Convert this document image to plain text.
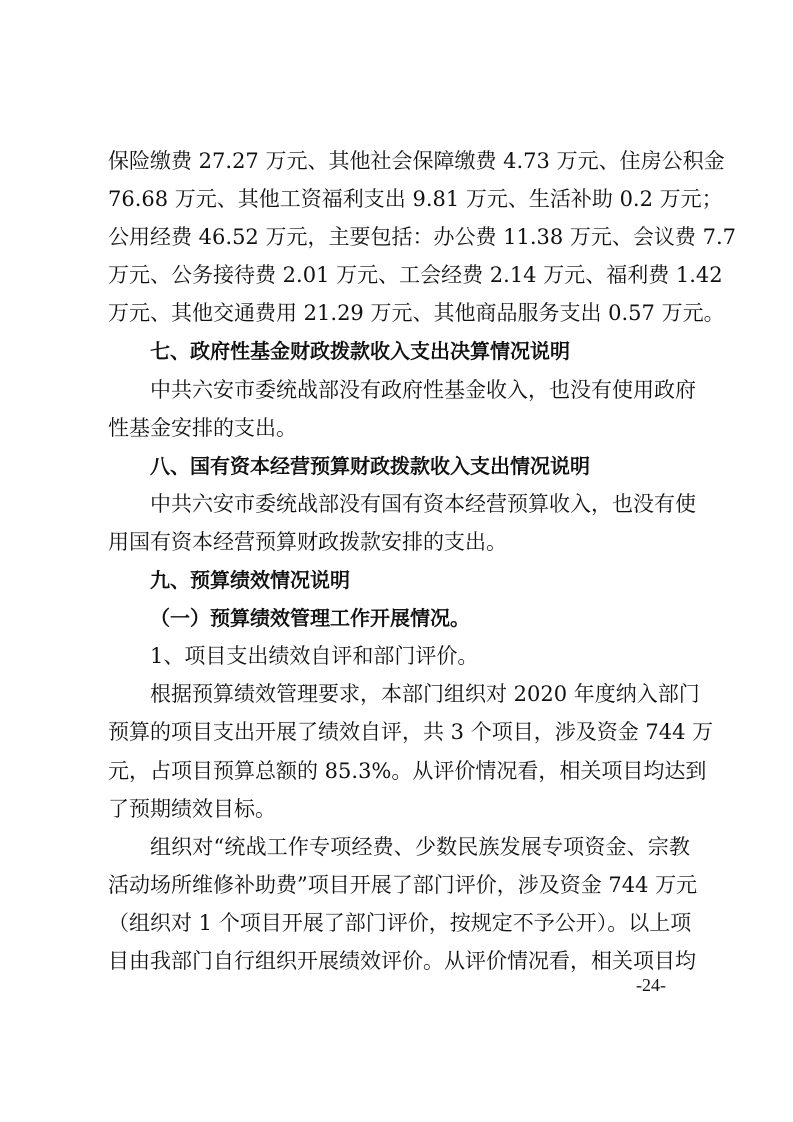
保险缴费 27.27 万元、其他社会保障缴费 4.73 万元、住房公积金
76.68 万元、其他工资福利支出 9.81 万元、生活补助 0.2 万元；
公用经费 46.52 万元，主要包括：办公费 11.38 万元、会议费 7.7
万元、公务接待费 2.01 万元、工会经费 2.14 万元、福利费 1.42
万元、其他交通费用 21.29 万元、其他商品服务支出 0.57 万元。
七、政府性基金财政拨款收入支出决算情况说明
中共六安市委统战部没有政府性基金收入，也没有使用政府
性基金安排的支出。
八、国有资本经营预算财政拨款收入支出情况说明
中共六安市委统战部没有国有资本经营预算收入，也没有使
用国有资本经营预算财政拨款安排的支出。
九、预算绩效情况说明
（一）预算绩效管理工作开展情况。
1、项目支出绩效自评和部门评价。
根据预算绩效管理要求，本部门组织对 2020 年度纳入部门
预算的项目支出开展了绩效自评，共 3 个项目，涉及资金 744 万
元，占项目预算总额的 85.3%。从评价情况看，相关项目均达到
了预期绩效目标。
组织对“统战工作专项经费、少数民族发展专项资金、宗教
活动场所维修补助费”项目开展了部门评价，涉及资金 744 万元
（组织对 1 个项目开展了部门评价，按规定不予公开）。以上项
目由我部门自行组织开展绩效评价。从评价情况看，相关项目均
-24-
